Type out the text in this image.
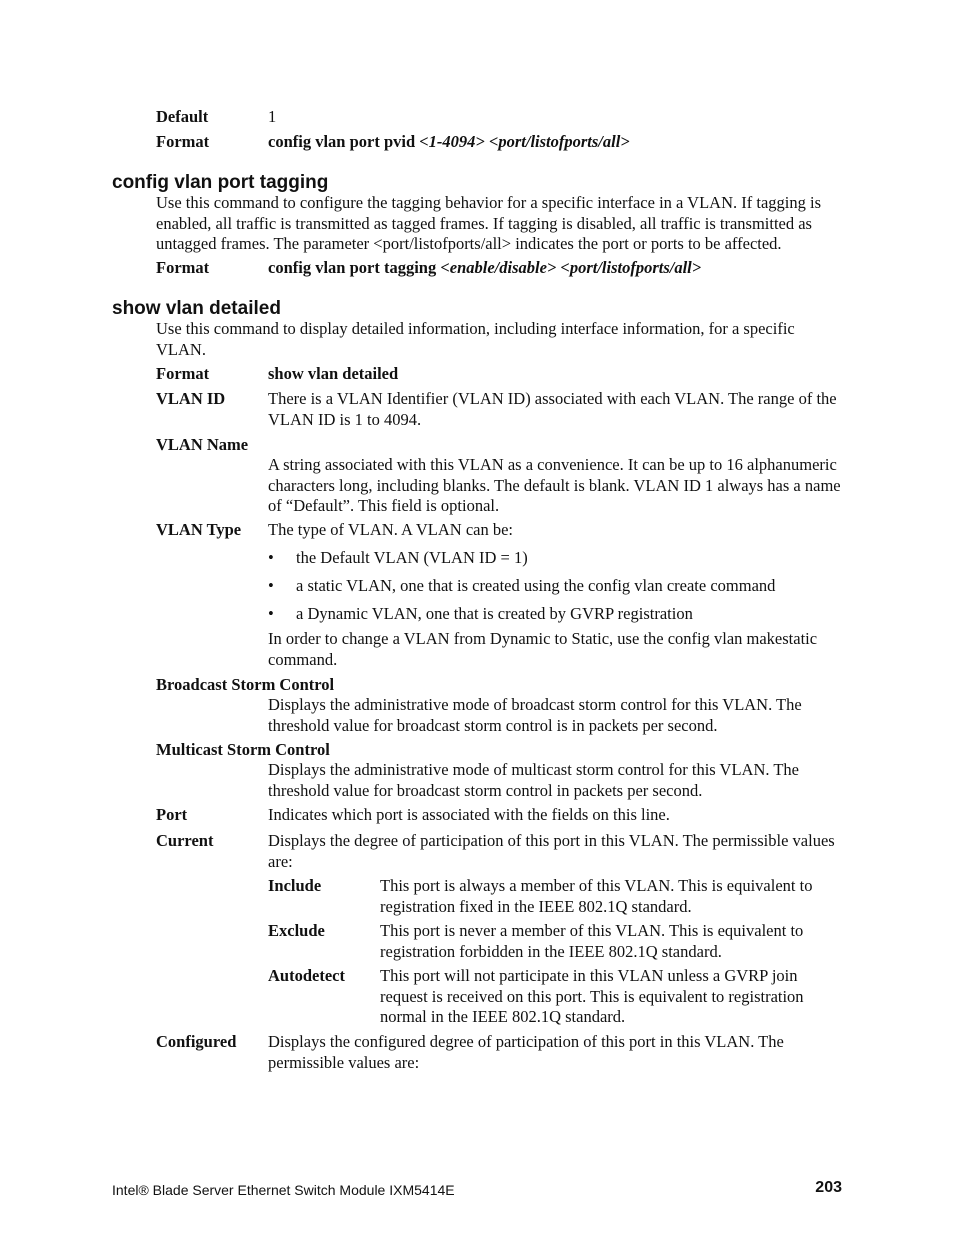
Default	1
Format	config vlan port pvid <1-4094> <port/listofports/all>
config vlan port tagging
Use this command to configure the tagging behavior for a specific interface in a VLAN. If tagging is enabled, all traffic is transmitted as tagged frames. If tagging is disabled, all traffic is transmitted as untagged frames. The parameter <port/listofports/all> indicates the port or ports to be affected.
Format	config vlan port tagging <enable/disable> <port/listofports/all>
show vlan detailed
Use this command to display detailed information, including interface information, for a specific VLAN.
Format	show vlan detailed
VLAN ID	There is a VLAN Identifier (VLAN ID) associated with each VLAN. The range of the VLAN ID is 1 to 4094.
VLAN Name
A string associated with this VLAN as a convenience. It can be up to 16 alphanumeric characters long, including blanks. The default is blank. VLAN ID 1 always has a name of “Default”. This field is optional.
VLAN Type The type of VLAN. A VLAN can be:
• the Default VLAN (VLAN ID = 1)
• a static VLAN, one that is created using the config vlan create command
• a Dynamic VLAN, one that is created by GVRP registration
In order to change a VLAN from Dynamic to Static, use the config vlan makestatic command.
Broadcast Storm Control
Displays the administrative mode of broadcast storm control for this VLAN. The threshold value for broadcast storm control is in packets per second.
Multicast Storm Control
Displays the administrative mode of multicast storm control for this VLAN. The threshold value for broadcast storm control in packets per second.
Port	Indicates which port is associated with the fields on this line.
Current	Displays the degree of participation of this port in this VLAN. The permissible values are:
Include	This port is always a member of this VLAN. This is equivalent to registration fixed in the IEEE 802.1Q standard.
Exclude	This port is never a member of this VLAN. This is equivalent to registration forbidden in the IEEE 802.1Q standard.
Autodetect This port will not participate in this VLAN unless a GVRP join request is received on this port. This is equivalent to registration normal in the IEEE 802.1Q standard.
Configured Displays the configured degree of participation of this port in this VLAN. The permissible values are:
Intel® Blade Server Ethernet Switch Module IXM5414E	203
